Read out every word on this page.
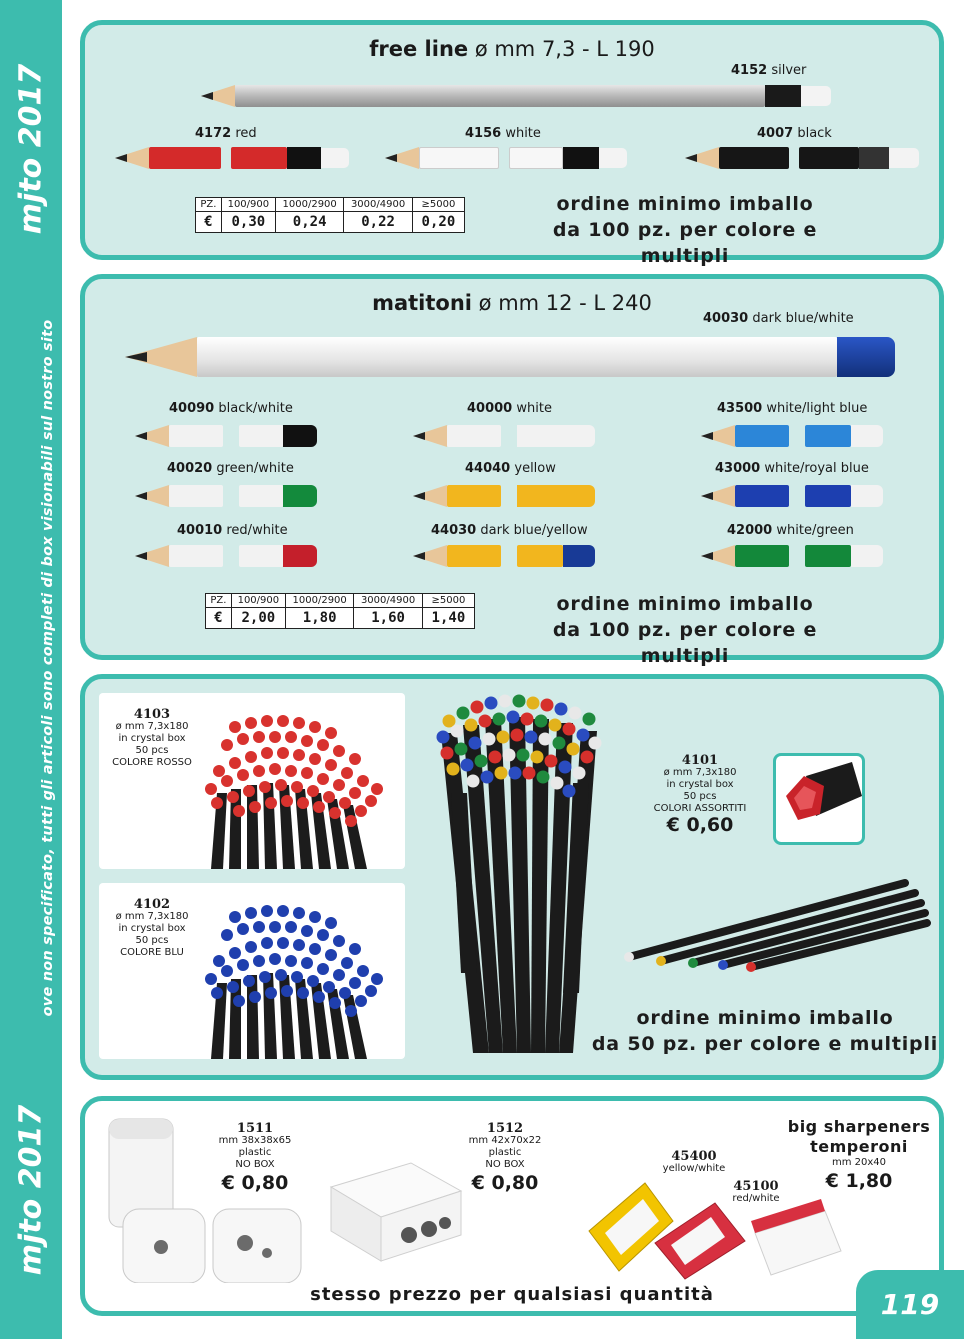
mjto 2017
ove non specificato, tutti gli articoli sono completi di box visionabili sul nostro sito
mjto 2017
free line ø mm 7,3 - L 190
4152 silver
4172 red	4156 white	4007 black
PZ.	100/900	1000/2900	3000/4900	≥5000
€	0,30	0,24	0,22	0,20
ordine minimo imballo
da 100 pz. per colore e multipli
matitoni ø mm 12 - L 240
40030 dark blue/white
40090 black/white	40000 white	43500 white/light blue
40020 green/white	44040 yellow	43000 white/royal blue
40010 red/white	44030 dark blue/yellow	42000 white/green
PZ.	100/900	1000/2900	3000/4900	≥5000
€	2,00	1,80	1,60	1,40
ordine minimo imballo
da 100 pz. per colore e multipli
4103
ø mm 7,3x180
in crystal box
50 pcs
COLORE ROSSO
4102
ø mm 7,3x180
in crystal box
50 pcs
COLORE BLU
4101
ø mm 7,3x180
in crystal box
50 pcs
COLORI ASSORTITI
€ 0,60
ordine minimo imballo
da 50 pz. per colore e multipli
1511
mm 38x38x65
plastic
NO BOX
€ 0,80
1512
mm 42x70x22
plastic
NO BOX
€ 0,80
45400
yellow/white
45100
red/white
big sharpeners
temperoni
mm 20x40
€ 1,80
stesso prezzo per qualsiasi quantità	119
